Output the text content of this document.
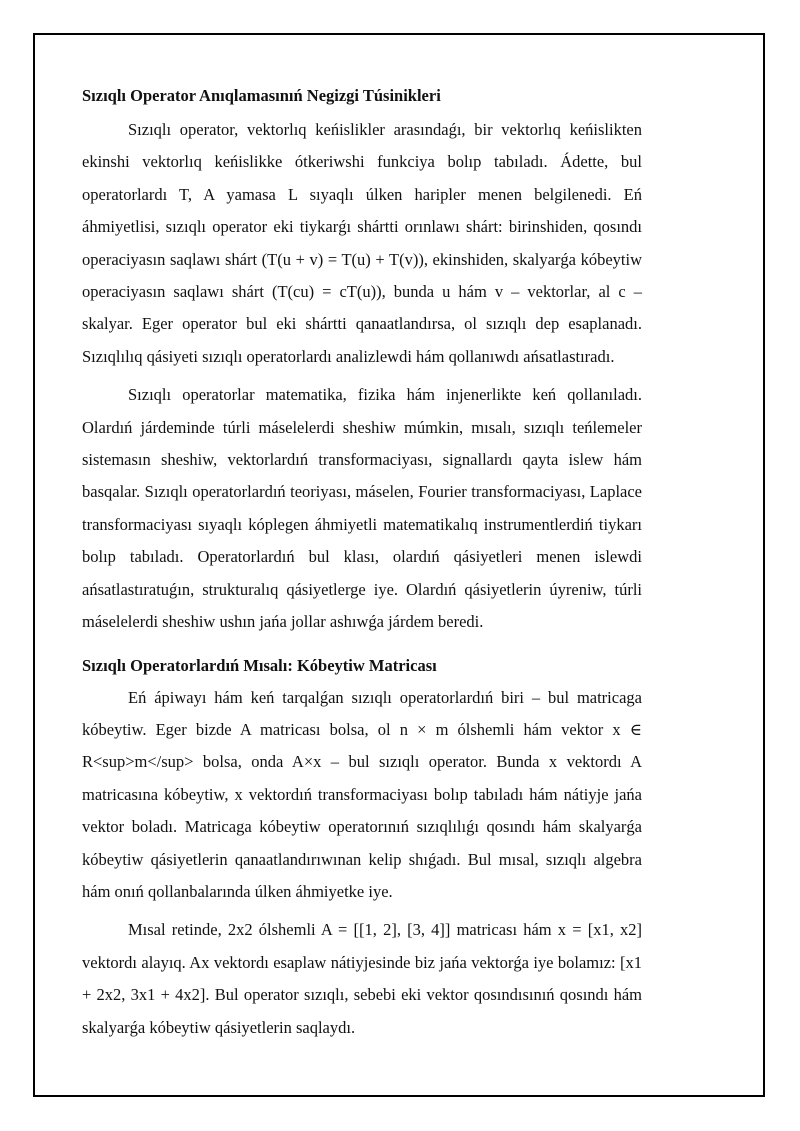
Sızıqlı Operator Anıqlamasınıń Negizgi Túsinikleri

Sızıqlı operator, vektorlıq keńislikler arasındaǵı, bir vektorlıq keńislikten ekinshi vektorlıq keńislikke ótkeriwshi funkciya bolıp tabıladı. Ádette, bul operatorlardı T, A yamasa L sıyaqlı úlken haripler menen belgilenedi. Eń áhmiyetlisi, sızıqlı operator eki tiykarǵı shártti orınlawı shárt: birinshiden, qosındı operaciyasın saqlawı shárt (T(u + v) = T(u) + T(v)), ekinshiden, skalyarǵa kóbeytiw operaciyasın saqlawı shárt (T(cu) = cT(u)), bunda u hám v – vektorlar, al c – skalyar. Eger operator bul eki shártti qanaatlandırsa, ol sızıqlı dep esaplanadı. Sızıqlılıq qásiyeti sızıqlı operatorlardı analizlewdi hám qollanıwdı ańsatlastıradı.

Sızıqlı operatorlar matematika, fizika hám injenerlikte keń qollanıladı. Olardıń járdeminde túrli máselelerdi sheshiw múmkin, mısalı, sızıqlı teńlemeler sistemasın sheshiw, vektorlardıń transformaciyası, signallardı qayta islew hám basqalar. Sızıqlı operatorlardıń teoriyası, máselen, Fourier transformaciyası, Laplace transformaciyası sıyaqlı kóplegen áhmiyetli matematikalıq instrumentlerdiń tiykarı bolıp tabıladı. Operatorlardıń bul klası, olardıń qásiyetleri menen islewdi ańsatlastıratuǵın, strukturalıq qásiyetlerge iye. Olardıń qásiyetlerin úyreniw, túrli máselelerdi sheshiw ushın jańa jollar ashıwǵa járdem beredi.

Sızıqlı Operatorlardıń Mısalı: Kóbeytiw Matricası

Eń ápiwayı hám keń tarqalǵan sızıqlı operatorlardıń biri – bul matricaga kóbeytiw. Eger bizde A matricası bolsa, ol n × m ólshemli hám vektor x ∈ R<sup>m</sup> bolsa, onda A×x – bul sızıqlı operator. Bunda x vektordı A matricasına kóbeytiw, x vektordıń transformaciyası bolıp tabıladı hám nátiyje jańa vektor boladı. Matricaga kóbeytiw operatorınıń sızıqlılıǵı qosındı hám skalyarǵa kóbeytiw qásiyetlerin qanaatlandırıwınan kelip shıǵadı. Bul mısal, sızıqlı algebra hám onıń qollanbalarında úlken áhmiyetke iye.

Mısal retinde, 2x2 ólshemli A = [[1, 2], [3, 4]] matricası hám x = [x1, x2] vektordı alayıq. Ax vektordı esaplaw nátiyjesinde biz jańa vektorǵa iye bolamız: [x1 + 2x2, 3x1 + 4x2]. Bul operator sızıqlı, sebebi eki vektor qosındısınıń qosındı hám skalyarǵa kóbeytiw qásiyetlerin saqlaydı.
